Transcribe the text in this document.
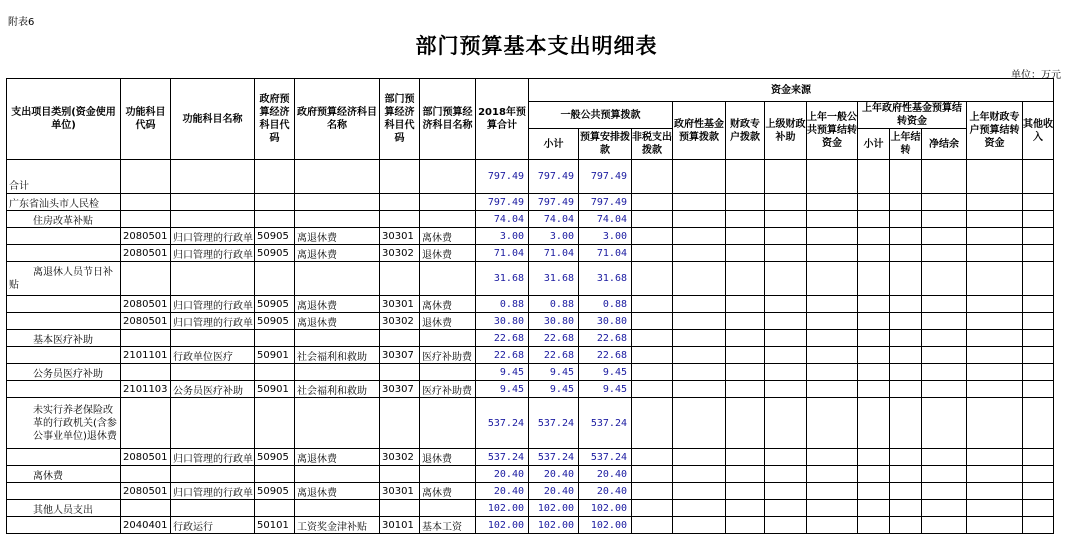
附表6
部门预算基本支出明细表
单位：万元
支出项目类别(资金使用单位)	功能科目代码	功能科目名称	政府预算经济科目代码	政府预算经济科目名称	部门预算经济科目代码	部门预算经济科目名称	2018年预算合计	资金来源											
								一般公共预算拨款			政府性基金预算拨款	财政专户拨款	上级财政补助	上年一般公共预算结转资金	上年政府性基金预算结转资金			上年财政专户预算结转资金	其他收入
								小计	预算安排拨款	非税支出拨款					小计	上年结转	净结余		
合计							797.49	797.49	797.49										
广东省汕头市人民检							797.49	797.49	797.49										
住房改革补贴							74.04	74.04	74.04										
	2080501	归口管理的行政单	50905	离退休费	30301	离休费	3.00	3.00	3.00										
	2080501	归口管理的行政单	50905	离退休费	30302	退休费	71.04	71.04	71.04										
离退休人员节日补贴							31.68	31.68	31.68										
	2080501	归口管理的行政单	50905	离退休费	30301	离休费	0.88	0.88	0.88										
	2080501	归口管理的行政单	50905	离退休费	30302	退休费	30.80	30.80	30.80										
基本医疗补助							22.68	22.68	22.68										
	2101101	行政单位医疗	50901	社会福利和救助	30307	医疗补助费	22.68	22.68	22.68										
公务员医疗补助							9.45	9.45	9.45										
	2101103	公务员医疗补助	50901	社会福利和救助	30307	医疗补助费	9.45	9.45	9.45										
未实行养老保险改革的行政机关(含参公事业单位)退休费							537.24	537.24	537.24										
	2080501	归口管理的行政单	50905	离退休费	30302	退休费	537.24	537.24	537.24										
离休费							20.40	20.40	20.40										
	2080501	归口管理的行政单	50905	离退休费	30301	离休费	20.40	20.40	20.40										
其他人员支出							102.00	102.00	102.00										
	2040401	行政运行	50101	工资奖金津补贴	30101	基本工资	102.00	102.00	102.00										
